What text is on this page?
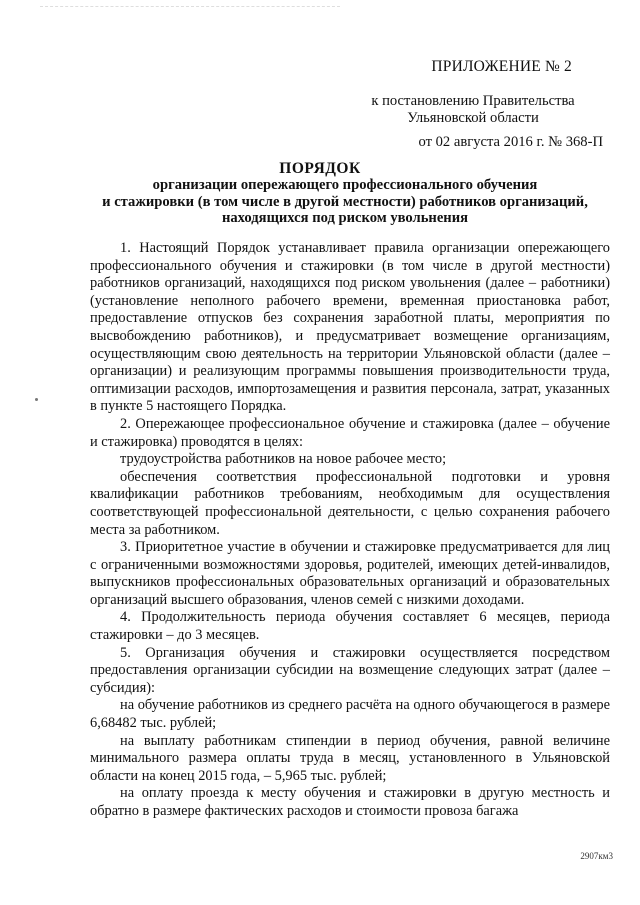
ПРИЛОЖЕНИЕ № 2
к постановлению Правительства
Ульяновской области
от 02 августа 2016 г. № 368-П
ПОРЯДОК
организации опережающего профессионального обучения
и стажировки (в том числе в другой местности) работников организаций,
находящихся под риском увольнения

1. Настоящий Порядок устанавливает правила организации опережающего профессионального обучения и стажировки (в том числе в другой местности) работников организаций, находящихся под риском увольнения (далее – работники) (установление неполного рабочего времени, временная приостановка работ, предоставление отпусков без сохранения заработной платы, мероприятия по высвобождению работников), и предусматривает возмещение организациям, осуществляющим свою деятельность на территории Ульяновской области (далее – организации) и реализующим программы повышения производительности труда, оптимизации расходов, импортозамещения и развития персонала, затрат, указанных в пункте 5 настоящего Порядка.

2. Опережающее профессиональное обучение и стажировка (далее – обучение и стажировка) проводятся в целях:

трудоустройства работников на новое рабочее место;

обеспечения соответствия профессиональной подготовки и уровня квалификации работников требованиям, необходимым для осуществления соответствующей профессиональной деятельности, с целью сохранения рабочего места за работником.

3. Приоритетное участие в обучении и стажировке предусматривается для лиц с ограниченными возможностями здоровья, родителей, имеющих детей-инвалидов, выпускников профессиональных образовательных организаций и образовательных организаций высшего образования, членов семей с низкими доходами.

4. Продолжительность периода обучения составляет 6 месяцев, периода стажировки – до 3 месяцев.

5. Организация обучения и стажировки осуществляется посредством предоставления организации субсидии на возмещение следующих затрат (далее – субсидия):

на обучение работников из среднего расчёта на одного обучающегося в размере 6,68482 тыс. рублей;

на выплату работникам стипендии в период обучения, равной величине минимального размера оплаты труда в месяц, установленного в Ульяновской области на конец 2015 года, – 5,965 тыс. рублей;

на оплату проезда к месту обучения и стажировки в другую местность и обратно в размере фактических расходов и стоимости провоза багажа

2907км3
